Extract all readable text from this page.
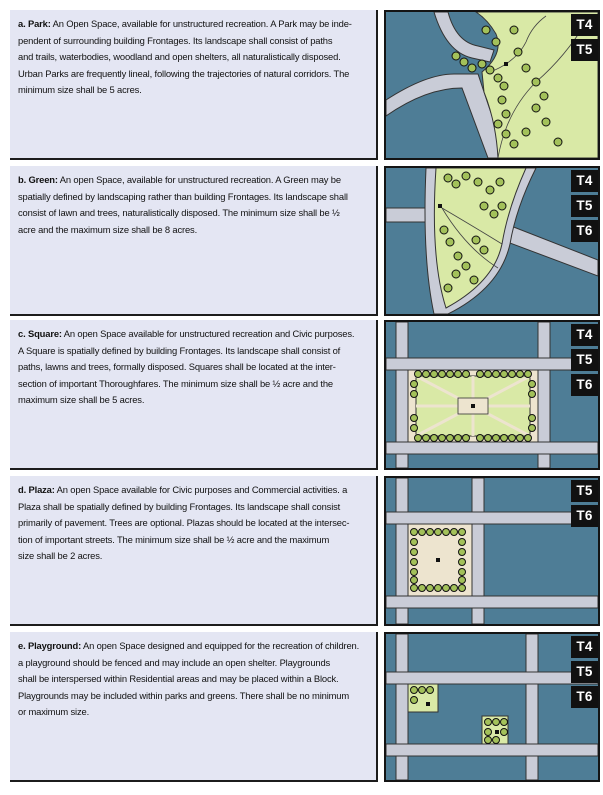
a. Park: An Open Space, available for unstructured recreation. A Park may be inde-
pendent of surrounding building Frontages. Its landscape shall consist of paths
and trails, waterbodies, woodland and open shelters, all naturalistically disposed.
Urban Parks are frequently lineal, following the trajectories of natural corridors. The
minimum size shall be 5 acres.

T4
T5

b. Green: An open Space, available for unstructured recreation. A Green may be
spatially defined by landscaping rather than building Frontages. Its landscape shall
consist of lawn and trees, naturalistically disposed. The minimum size shall be ½
acre and the maximum size shall be 8 acres.

T4
T5
T6

c. Square: An open Space available for unstructured recreation and Civic purposes.
A Square is spatially defined by building Frontages. Its landscape shall consist of
paths, lawns and trees, formally disposed. Squares shall be located at the inter-
section of important Thoroughfares. The minimum size shall be ½ acre and the
maximum size shall be 5 acres.

T4
T5
T6

d. Plaza: An open Space available for Civic purposes and Commercial activities. a
Plaza shall be spatially defined by building Frontages. Its landscape shall consist
primarily of pavement. Trees are optional. Plazas should be located at the intersec-
tion of important streets. The minimum size shall be ½ acre and the maximum
size shall be 2 acres.

T5
T6

e. Playground: An open Space designed and equipped for the recreation of children.
a playground should be fenced and may include an open shelter. Playgrounds
shall be interspersed within Residential areas and may be placed within a Block.
Playgrounds may be included within parks and greens. There shall be no minimum
or maximum size.

T4
T5
T6
